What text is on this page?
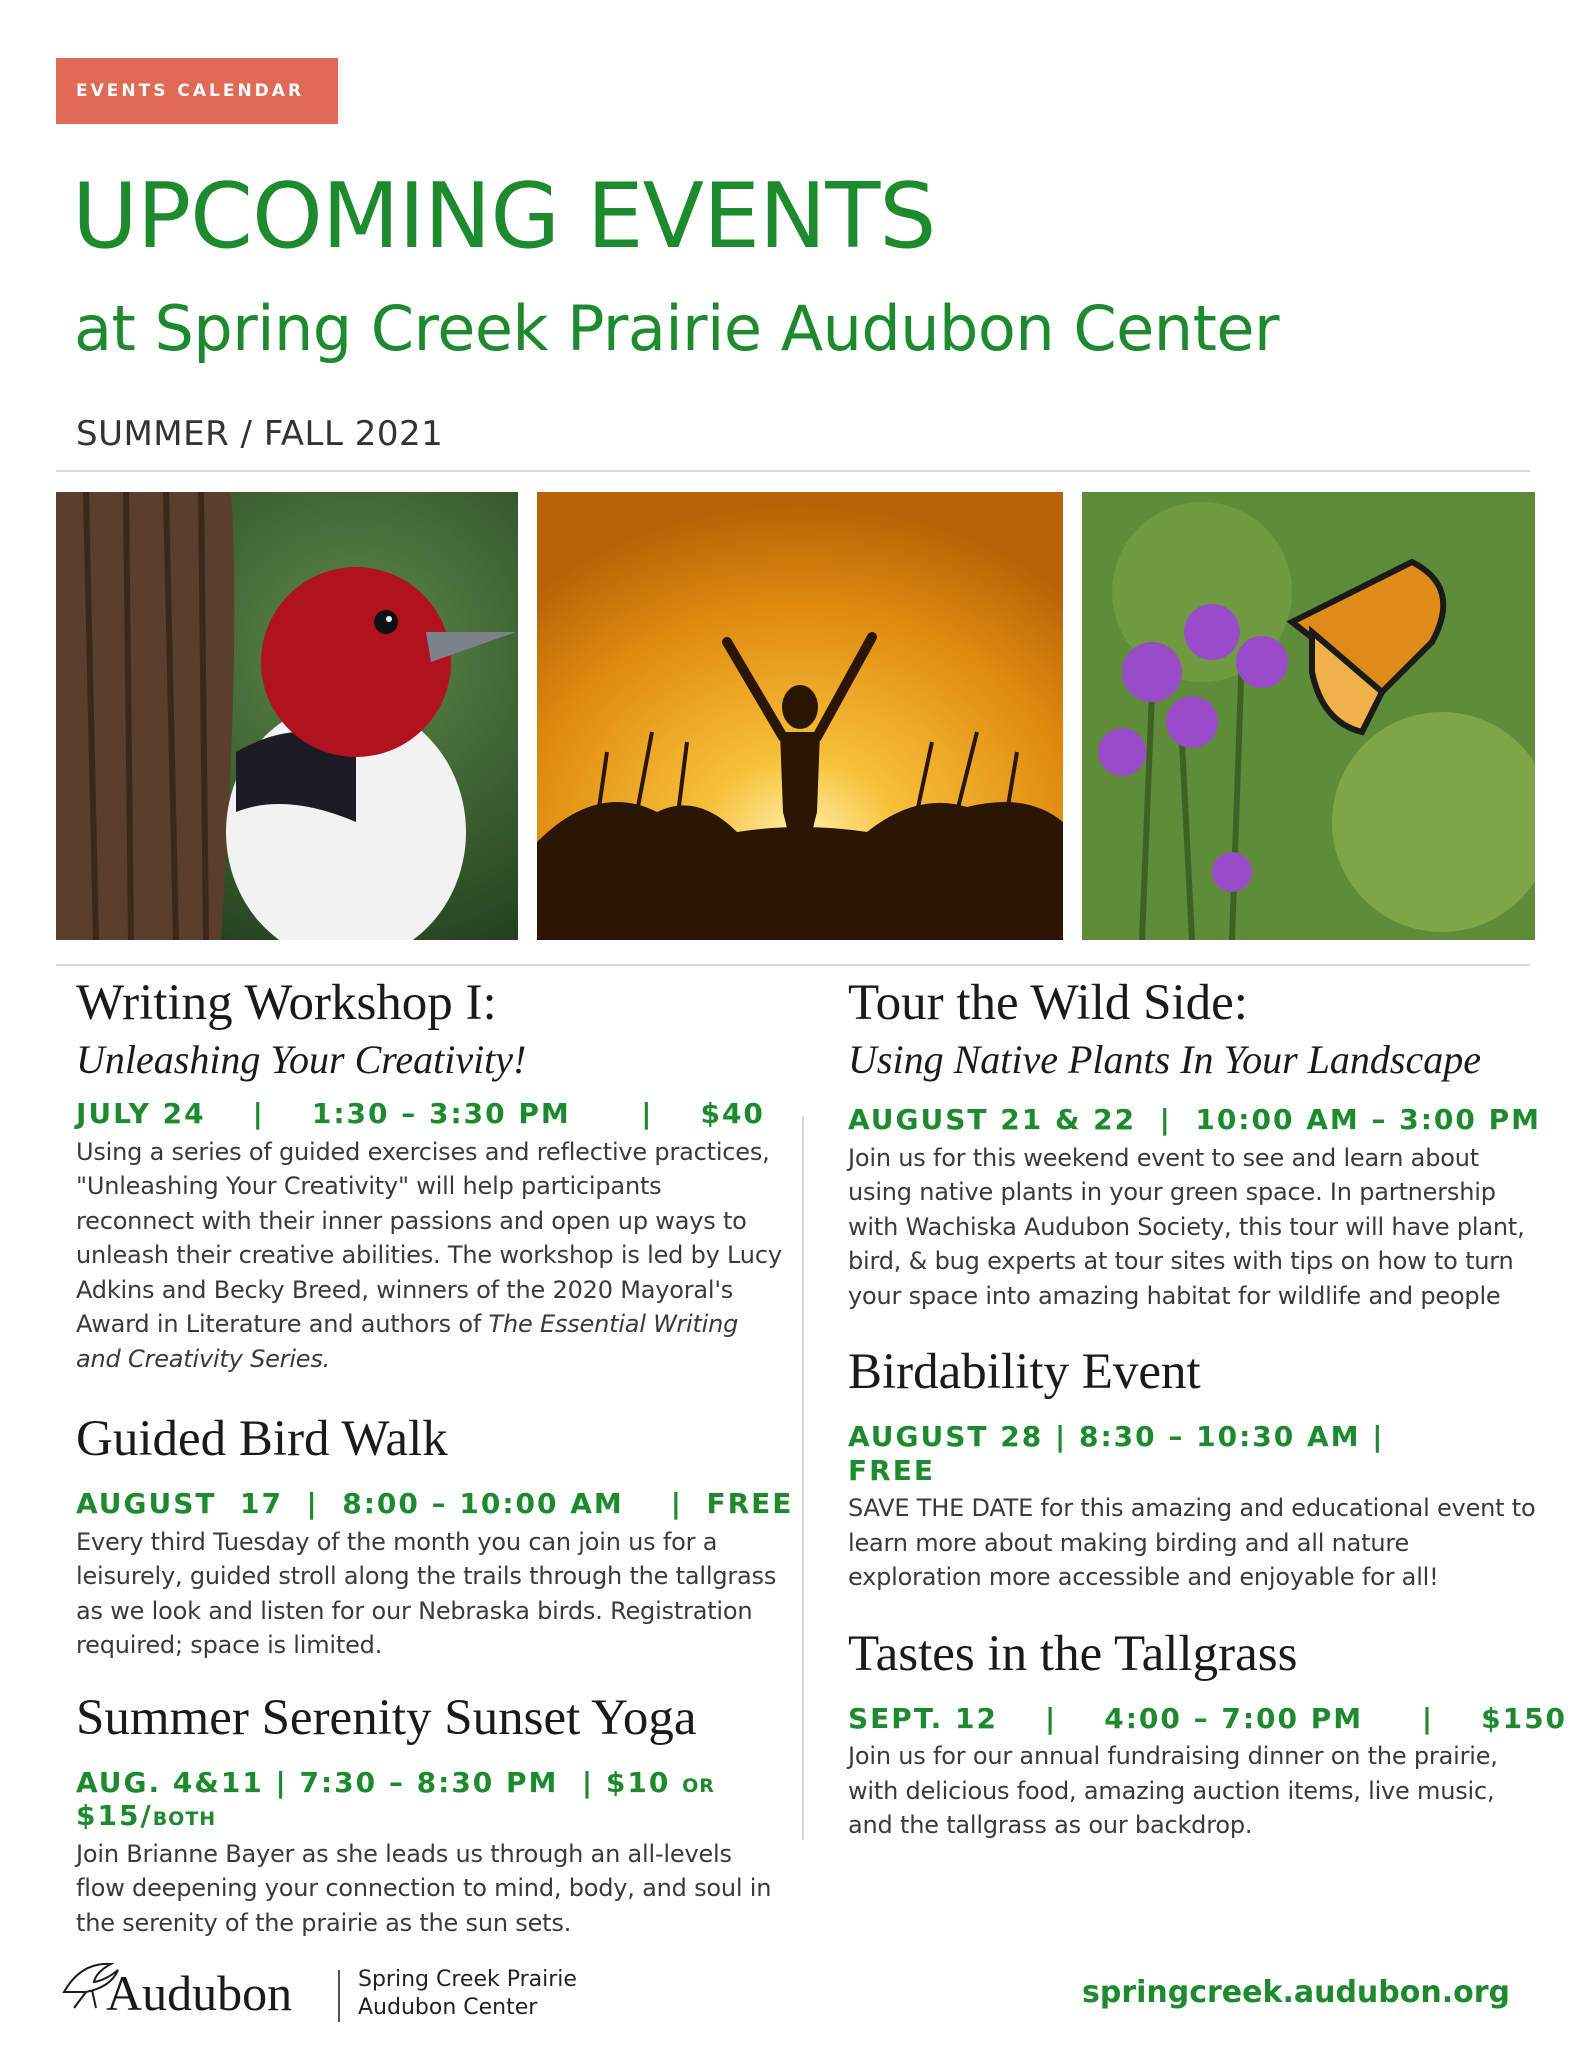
EVENTS CALENDAR
UPCOMING EVENTS
at Spring Creek Prairie Audubon Center
SUMMER / FALL 2021
Writing Workshop I:
Unleashing Your Creativity!
JULY 24    |    1:30 – 3:30 PM      |    $40

Using a series of guided exercises and reflective practices, "Unleashing Your Creativity" will help participants reconnect with their inner passions and open up ways to unleash their creative abilities. The workshop is led by Lucy Adkins and Becky Breed, winners of the 2020 Mayoral's Award in Literature and authors of The Essential Writing and Creativity Series.

Guided Bird Walk
AUGUST  17  |  8:00 – 10:00 AM    |  FREE

Every third Tuesday of the month you can join us for a leisurely, guided stroll along the trails through the tallgrass as we look and listen for our Nebraska birds. Registration required; space is limited.

Summer Serenity Sunset Yoga
AUG. 4&11 | 7:30 – 8:30 PM  | $10 OR
$15/BOTH

Join Brianne Bayer as she leads us through an all-levels flow deepening your connection to mind, body, and soul in the serenity of the prairie as the sun sets.

Tour the Wild Side:
Using Native Plants In Your Landscape
AUGUST 21 & 22  |  10:00 AM – 3:00 PM

Join us for this weekend event to see and learn about using native plants in your green space. In partnership with Wachiska Audubon Society, this tour will have plant, bird, & bug experts at tour sites with tips on how to turn your space into amazing habitat for wildlife and people

Birdability Event
AUGUST 28 | 8:30 – 10:30 AM | FREE

SAVE THE DATE for this amazing and educational event to learn more about making birding and all nature exploration more accessible and enjoyable for all!

Tastes in the Tallgrass
SEPT. 12    |    4:00 – 7:00 PM     |    $150

Join us for our annual fundraising dinner on the prairie, with delicious food, amazing auction items, live music, and the tallgrass as our backdrop.

Audubon	Spring Creek Prairie
Audubon Center	springcreek.audubon.org
